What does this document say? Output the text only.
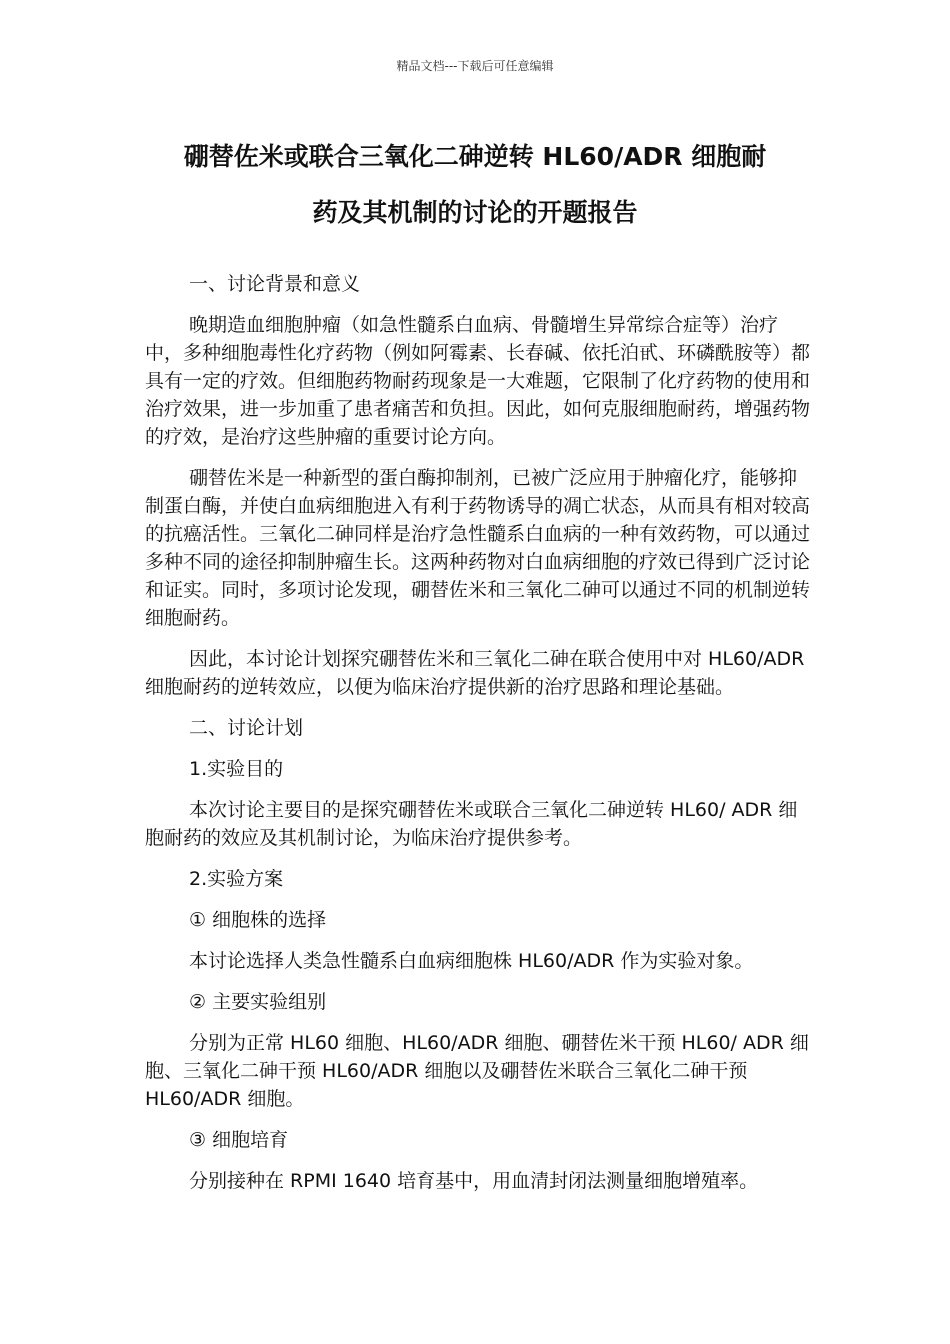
精品文档---下载后可任意编辑
硼替佐米或联合三氧化二砷逆转 HL60/ADR 细胞耐
药及其机制的讨论的开题报告

一、讨论背景和意义

晚期造血细胞肿瘤（如急性髓系白血病、骨髓增生异常综合症等）治疗中，多种细胞毒性化疗药物（例如阿霉素、长春碱、依托泊甙、环磷酰胺等）都具有一定的疗效。但细胞药物耐药现象是一大难题，它限制了化疗药物的使用和治疗效果，进一步加重了患者痛苦和负担。因此，如何克服细胞耐药，增强药物的疗效，是治疗这些肿瘤的重要讨论方向。

硼替佐米是一种新型的蛋白酶抑制剂，已被广泛应用于肿瘤化疗，能够抑制蛋白酶，并使白血病细胞进入有利于药物诱导的凋亡状态，从而具有相对较高的抗癌活性。三氧化二砷同样是治疗急性髓系白血病的一种有效药物，可以通过多种不同的途径抑制肿瘤生长。这两种药物对白血病细胞的疗效已得到广泛讨论和证实。同时，多项讨论发现，硼替佐米和三氧化二砷可以通过不同的机制逆转细胞耐药。

因此，本讨论计划探究硼替佐米和三氧化二砷在联合使用中对 HL60/ADR 细胞耐药的逆转效应，以便为临床治疗提供新的治疗思路和理论基础。

二、讨论计划

1.实验目的

本次讨论主要目的是探究硼替佐米或联合三氧化二砷逆转 HL60/ ADR 细胞耐药的效应及其机制讨论，为临床治疗提供参考。

2.实验方案

① 细胞株的选择

本讨论选择人类急性髓系白血病细胞株 HL60/ADR 作为实验对象。

② 主要实验组别

分别为正常 HL60 细胞、HL60/ADR 细胞、硼替佐米干预 HL60/ ADR 细胞、三氧化二砷干预 HL60/ADR 细胞以及硼替佐米联合三氧化二砷干预 HL60/ADR 细胞。

③ 细胞培育

分别接种在 RPMI 1640 培育基中，用血清封闭法测量细胞增殖率。
